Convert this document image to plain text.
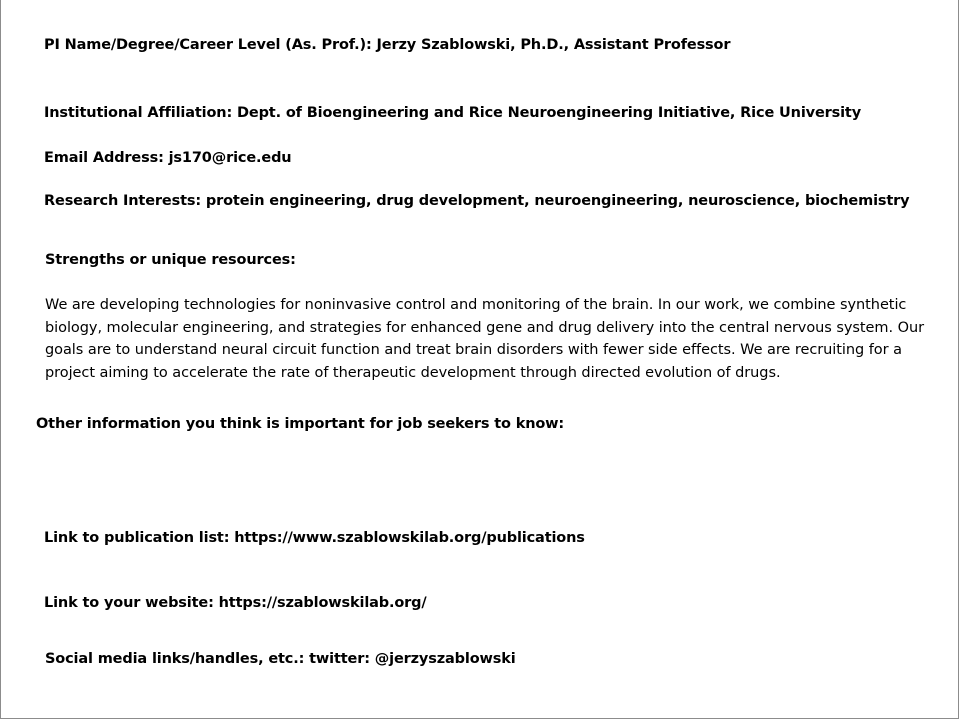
PI Name/Degree/Career Level (As. Prof.): Jerzy Szablowski, Ph.D., Assistant Professor
Institutional Affiliation: Dept. of Bioengineering and Rice Neuroengineering Initiative, Rice University
Email Address: js170@rice.edu
Research Interests: protein engineering, drug development, neuroengineering, neuroscience, biochemistry
Strengths or unique resources:
We are developing technologies for noninvasive control and monitoring of the brain. In our work, we combine synthetic biology, molecular engineering, and strategies for enhanced gene and drug delivery into the central nervous system. Our goals are to understand neural circuit function and treat brain disorders with fewer side effects. We are recruiting for a project aiming to accelerate the rate of therapeutic development through directed evolution of drugs.
Other information you think is important for job seekers to know:
Link to publication list: https://www.szablowskilab.org/publications
Link to your website: https://szablowskilab.org/
Social media links/handles, etc.: twitter: @jerzyszablowski
